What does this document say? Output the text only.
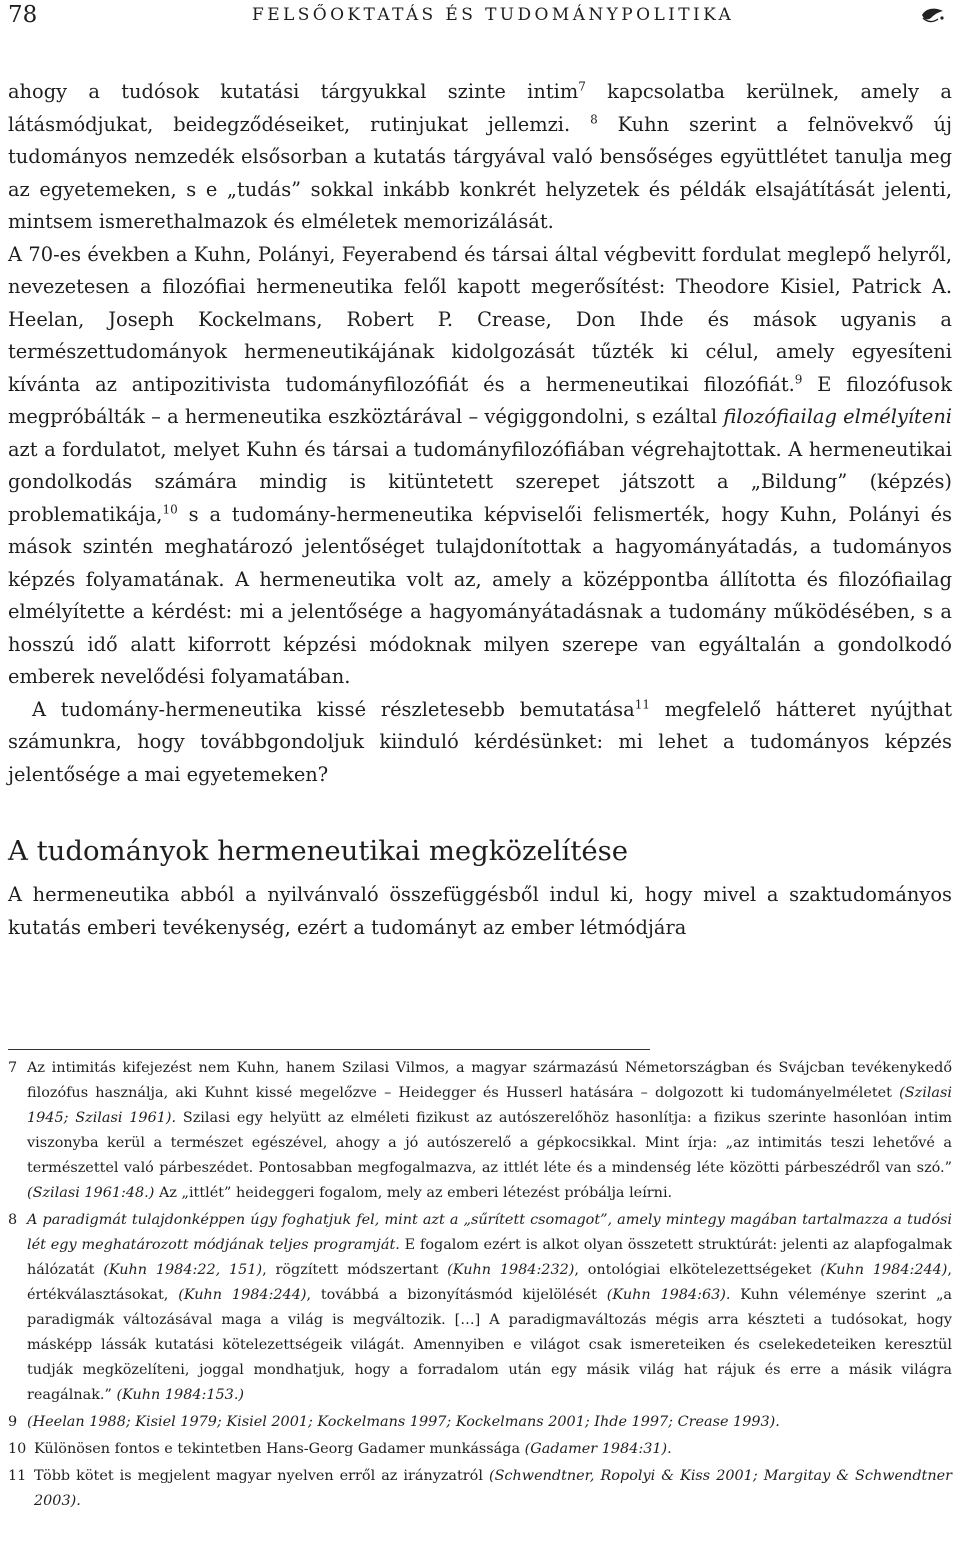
78	FELSŐOKTATÁS ÉS TUDOMÁNYPOLITIKA

ahogy a tudósok kutatási tárgyukkal szinte intim$^7$ kapcsolatba kerülnek, amely a látásmódjukat, beidegződéseiket, rutinjukat jellemzi. $^8$ Kuhn szerint a felnövekvő új tudományos nemzedék elsősorban a kutatás tárgyával való bensőséges együttlétet tanulja meg az egyetemeken, s e „tudás” sokkal inkább konkrét helyzetek és példák elsajátítását jelenti, mintsem ismerethalmazok és elméletek memorizálását.

A 70-es években a Kuhn, Polányi, Feyerabend és társai által végbevitt fordulat meglepő helyről, nevezetesen a filozófiai hermeneutika felől kapott megerősítést: Theodore Kisiel, Patrick A. Heelan, Joseph Kockelmans, Robert P. Crease, Don Ihde és mások ugyanis a természettudományok hermeneutikájának kidolgozását tűzték ki célul, amely egyesíteni kívánta az antipozitivista tudományfilozófiát és a hermeneutikai filozófiát.$^9$ E filozófusok megpróbálták – a hermeneutika eszköztárával – végiggondolni, s ezáltal filozófiailag elmélyíteni azt a fordulatot, melyet Kuhn és társai a tudományfilozófiában végrehajtottak. A hermeneutikai gondolkodás számára mindig is kitüntetett szerepet játszott a „Bildung” (képzés) problematikája,$^{10}$ s a tudomány-hermeneutika képviselői felismerték, hogy Kuhn, Polányi és mások szintén meghatározó jelentőséget tulajdonítottak a hagyományátadás, a tudományos képzés folyamatának. A hermeneutika volt az, amely a középpontba állította és filozófiailag elmélyítette a kérdést: mi a jelentősége a hagyományátadásnak a tudomány működésében, s a hosszú idő alatt kiforrott képzési módoknak milyen szerepe van egyáltalán a gondolkodó emberek nevelődési folyamatában.

A tudomány-hermeneutika kissé részletesebb bemutatása$^{11}$ megfelelő hátteret nyújthat számunkra, hogy továbbgondoljuk kiinduló kérdésünket: mi lehet a tudományos képzés jelentősége a mai egyetemeken?

A tudományok hermeneutikai megközelítése

A hermeneutika abból a nyilvánvaló összefüggésből indul ki, hogy mivel a szaktudományos kutatás emberi tevékenység, ezért a tudományt az ember létmódjára

7 Az intimitás kifejezést nem Kuhn, hanem Szilasi Vilmos, a magyar származású Németországban és Svájcban tevékenykedő filozófus használja, aki Kuhnt kissé megelőzve – Heidegger és Husserl hatására – dolgozott ki tudományelméletet (Szilasi 1945; Szilasi 1961). Szilasi egy helyütt az elméleti fizikust az autószerelőhöz hasonlítja: a fizikus szerinte hasonlóan intim viszonyba kerül a természet egészével, ahogy a jó autószerelő a gépkocsikkal. Mint írja: „az intimitás teszi lehetővé a természettel való párbeszédet. Pontosabban megfogalmazva, az ittlét léte és a mindenség léte közötti párbeszédről van szó.” (Szilasi 1961:48.) Az „ittlét” heideggeri fogalom, mely az emberi létezést próbálja leírni.

8 A paradigmát tulajdonképpen úgy foghatjuk fel, mint azt a „sűrített csomagot”, amely mintegy magában tartalmazza a tudósi lét egy meghatározott módjának teljes programját. E fogalom ezért is alkot olyan összetett struktúrát: jelenti az alapfogalmak hálózatát (Kuhn 1984:22, 151), rögzített módszertant (Kuhn 1984:232), ontológiai elkötelezettségeket (Kuhn 1984:244), értékválasztásokat, (Kuhn 1984:244), továbbá a bizonyításmód kijelölését (Kuhn 1984:63). Kuhn véleménye szerint „a paradigmák változásával maga a világ is megváltozik. […] A paradigmaváltozás mégis arra készteti a tudósokat, hogy másképp lássák kutatási kötelezettségeik világát. Amennyiben e világot csak ismereteiken és cselekedeteiken keresztül tudják megközelíteni, joggal mondhatjuk, hogy a forradalom után egy másik világ hat rájuk és erre a másik világra reagálnak.” (Kuhn 1984:153.)

9 (Heelan 1988; Kisiel 1979; Kisiel 2001; Kockelmans 1997; Kockelmans 2001; Ihde 1997; Crease 1993).

10 Különösen fontos e tekintetben Hans-Georg Gadamer munkássága (Gadamer 1984:31).

11 Több kötet is megjelent magyar nyelven erről az irányzatról (Schwendtner, Ropolyi & Kiss 2001; Margitay & Schwendtner 2003).
